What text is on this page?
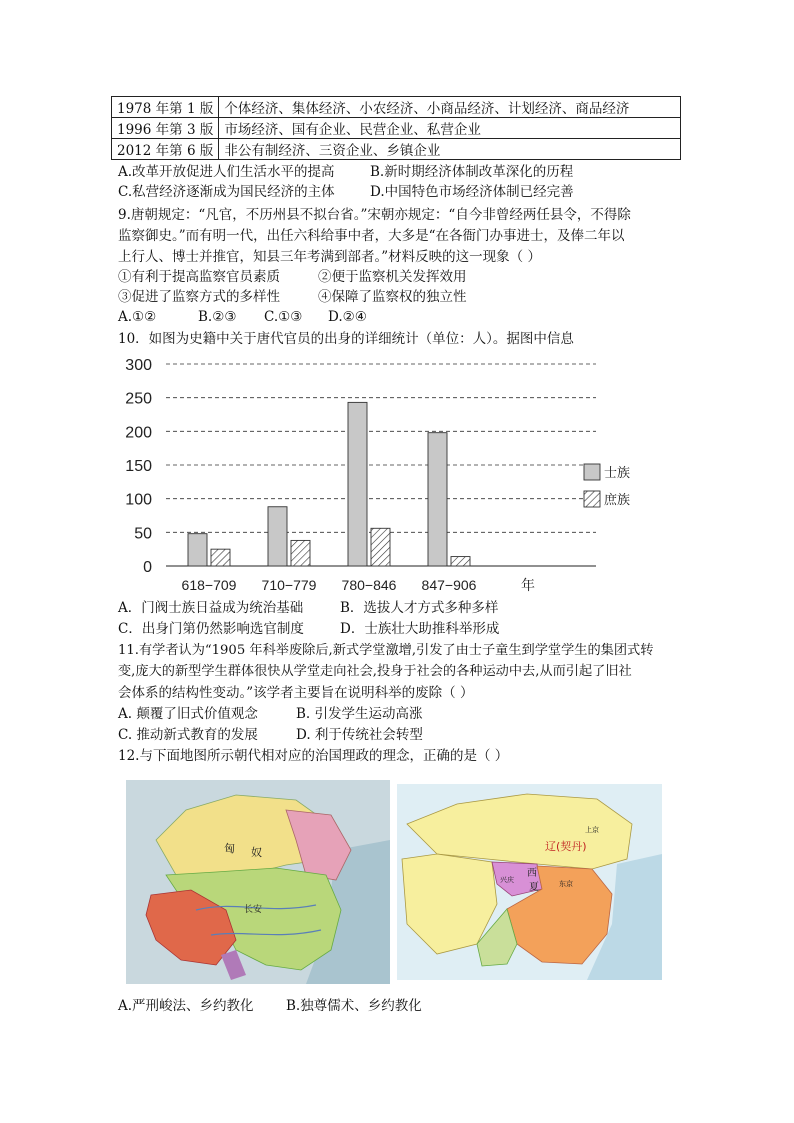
1978 年第 1 版	个体经济、集体经济、小农经济、小商品经济、计划经济、商品经济
1996 年第 3 版	市场经济、国有企业、民营企业、私营企业
2012 年第 6 版	非公有制经济、三资企业、乡镇企业
A.改革开放促进人们生活水平的提高	B.新时期经济体制改革深化的历程
C.私营经济逐渐成为国民经济的主体	D.中国特色市场经济体制已经完善
9.唐朝规定：“凡官，不历州县不拟台省。”宋朝亦规定：“自今非曾经两任县令，不得除
监察御史。”而有明一代，出任六科给事中者，大多是“在各衙门办事进士，及俸二年以
上行人、博士并推官，知县三年考满到部者。”材料反映的这一现象（ ）
①有利于提高监察官员素质	②便于监察机关发挥效用
③促进了监察方式的多样性	④保障了监察权的独立性
A.①②	B.②③ C.①③ D.②④
10．如图为史籍中关于唐代官员的出身的详细统计（单位：人）。据图中信息
0
50
100
150
200
250
300
618−709 710−779 780−846 847−906	年
士族
庶族
A．门阀士族日益成为统治基础	B．选拔人才方式多种多样
C．出身门第仍然影响选官制度	D．士族壮大助推科举形成
11.有学者认为“1905 年科举废除后,新式学堂激增,引发了由士子童生到学堂学生的集团式转
变,庞大的新型学生群体很快从学堂走向社会,投身于社会的各种运动中去,从而引起了旧社
会体系的结构性变动。”该学者主要旨在说明科举的废除（ ）
A. 颠覆了旧式价值观念	B. 引发学生运动高涨
C. 推动新式教育的发展	D. 利于传统社会转型
12.与下面地图所示朝代相对应的治国理政的理念，正确的是（ ）
匈 奴
长安
辽(契丹)
西
夏
兴庆
上京
东京
A.严刑峻法、乡约教化 B.独尊儒术、乡约教化
